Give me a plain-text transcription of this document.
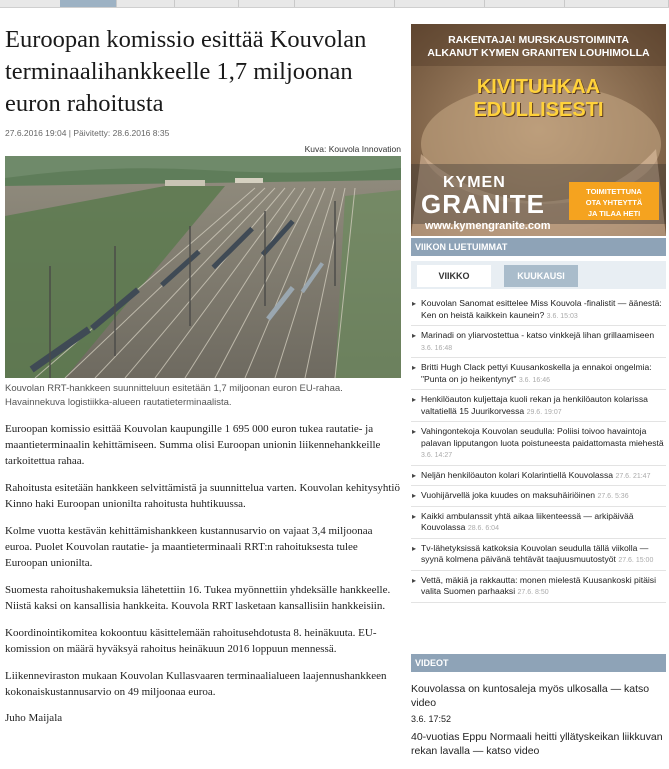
Euroopan komissio esittää Kouvolan terminaalihankkeelle 1,7 miljoonan euron rahoitusta
27.6.2016 19:04 | Päivitetty: 28.6.2016 8:35
Kuva: Kouvola Innovation
Kouvolan RRT-hankkeen suunnitteluun esitetään 1,7 miljoonan euron EU-rahaa. Havainnekuva logistiikka-alueen rautatieterminaalista.

Euroopan komissio esittää Kouvolan kaupungille 1 695 000 euron tukea rautatie- ja maantieterminaalin kehittämiseen. Summa olisi Euroopan unionin liikennehankkeille tarkoitettua rahaa.

Rahoitusta esitetään hankkeen selvittämistä ja suunnittelua varten. Kouvolan kehitysyhtiö Kinno haki Euroopan unionilta rahoitusta huhtikuussa.

Kolme vuotta kestävän kehittämishankkeen kustannusarvio on vajaat 3,4 miljoonaa euroa. Puolet Kouvolan rautatie- ja maantieterminaali RRT:n rahoituksesta tulee Euroopan unionilta.

Suomesta rahoitushakemuksia lähetettiin 16. Tukea myönnettiin yhdeksälle hankkeelle. Niistä kaksi on kansallisia hankkeita. Kouvola RRT lasketaan kansallisiin hankkeisiin.

Koordinointikomitea kokoontuu käsittelemään rahoitusehdotusta 8. heinäkuuta. EU-komission on määrä hyväksyä rahoitus heinäkuun 2016 loppuun mennessä.

Liikenneviraston mukaan Kouvolan Kullasvaaren terminaalialueen laajennushankkeen kokonaiskustannusarvio on 49 miljoonaa euroa.

Juho Maijala
RAKENTAJA! MURSKAUSTOIMINTA
ALKANUT KYMEN GRANITEN LOUHIMOLLA
KIVITUHKAA
EDULLISESTI
KYMEN
GRANITE
www.kymengranite.com
TOIMITETTUNA
OTA YHTEYTTÄ
JA TILAA HETI
VIIKON LUETUIMMAT
VIIKKO	KUUKAUSI
▸ Kouvolan Sanomat esittelee Miss Kouvola -finalistit — äänestä: Ken on heistä kaikkein kaunein? 3.6. 15:03
▸ Marinadi on yliarvostettua - katso vinkkejä lihan grillaamiseen 3.6. 16:48
▸ Britti Hugh Clack pettyi Kuusankoskella ja ennakoi ongelmia: "Punta on jo heikentynyt" 3.6. 16:46
▸ Henkilöauton kuljettaja kuoli rekan ja henkilöauton kolarissa valtatiellä 15 Juurikorvessa 29.6. 19:07
▸ Vahingontekoja Kouvolan seudulla: Poliisi toivoo havaintoja palavan lipputangon luota poistuneesta paidattomasta miehestä 3.6. 14:27
▸ Neljän henkilöauton kolari Kolarintiellä Kouvolassa 27.6. 21:47
▸ Vuohijärvellä joka kuudes on maksuhäiriöinen 27.6. 5:36
▸ Kaikki ambulanssit yhtä aikaa liikenteessä — arkipäivää Kouvolassa 28.6. 6:04
▸ Tv-lähetyksissä katkoksia Kouvolan seudulla tällä viikolla — syynä kolmena päivänä tehtävät taajuusmuutostyöt 27.6. 15:00
▸ Vettä, mäkiä ja rakkautta: monen mielestä Kuusankoski pitäisi valita Suomen parhaaksi 27.6. 8:50
VIDEOT
Kouvolassa on kuntosaleja myös ulkosalla — katso video
3.6. 17:52
40-vuotias Eppu Normaali heitti yllätyskeikan liikkuvan rekan lavalla — katso video
